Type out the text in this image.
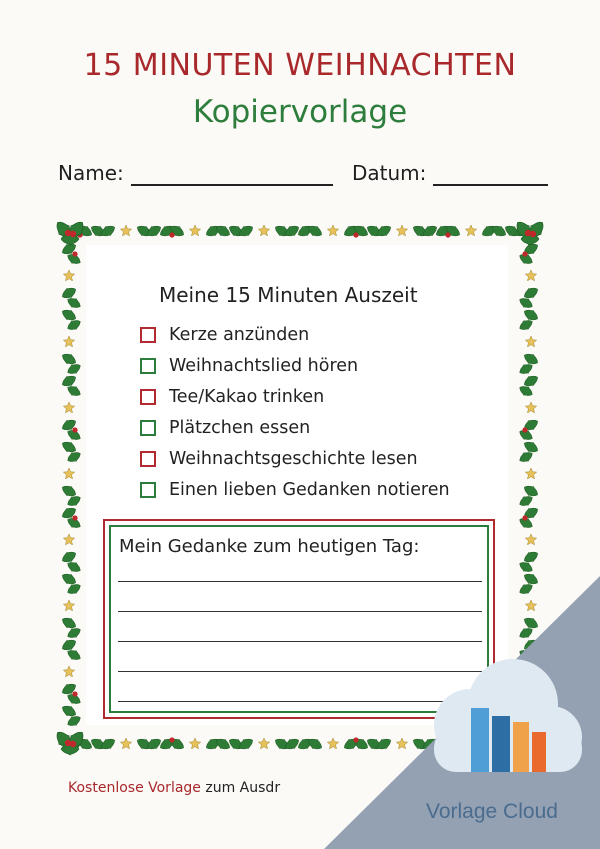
15 MINUTEN WEIHNACHTEN
Kopiervorlage
Name:	Datum:
Meine 15 Minuten Auszeit
Kerze anzünden
Weihnachtslied hören
Tee/Kakao trinken
Plätzchen essen
Weihnachtsgeschichte lesen
Einen lieben Gedanken notieren
Mein Gedanke zum heutigen Tag:
Kostenlose Vorlage zum Ausdr
Vorlage Cloud
